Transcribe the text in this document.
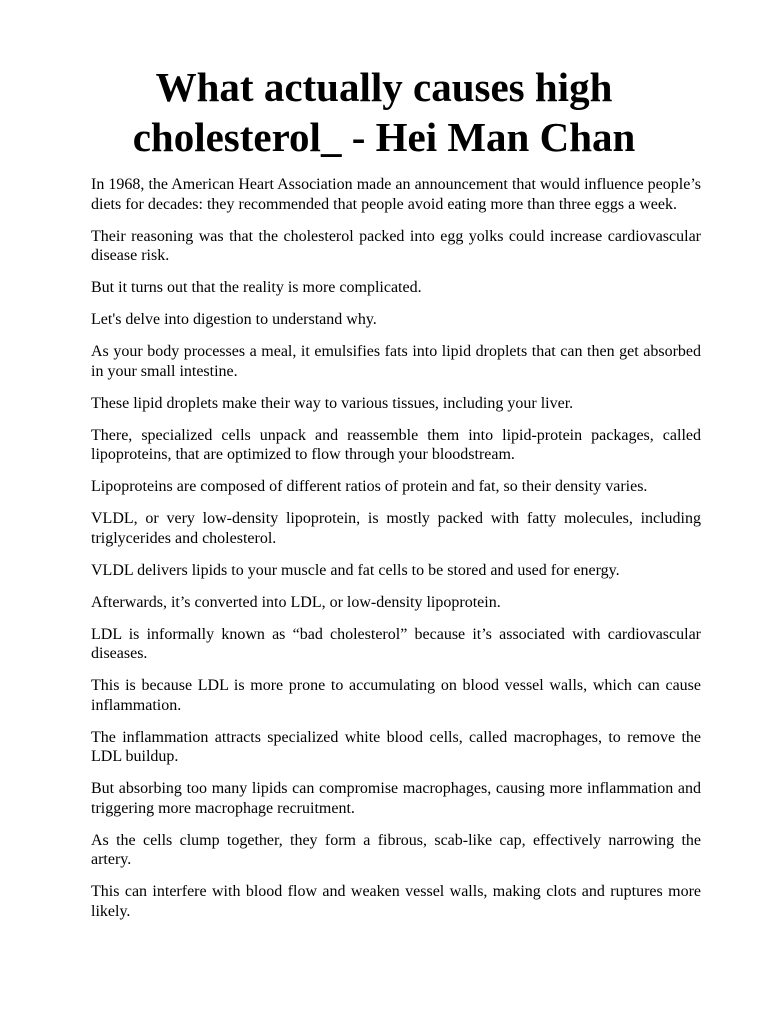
What actually causes high cholesterol_ - Hei Man Chan

In 1968, the American Heart Association made an announcement that would influence people’s diets for decades: they recommended that people avoid eating more than three eggs a week.

Their reasoning was that the cholesterol packed into egg yolks could increase cardiovascular disease risk.

But it turns out that the reality is more complicated.

Let's delve into digestion to understand why.

As your body processes a meal, it emulsifies fats into lipid droplets that can then get absorbed in your small intestine.

These lipid droplets make their way to various tissues, including your liver.

There, specialized cells unpack and reassemble them into lipid-protein packages, called lipoproteins, that are optimized to flow through your bloodstream.

Lipoproteins are composed of different ratios of protein and fat, so their density varies.

VLDL, or very low-density lipoprotein, is mostly packed with fatty molecules, including triglycerides and cholesterol.

VLDL delivers lipids to your muscle and fat cells to be stored and used for energy.

Afterwards, it’s converted into LDL, or low-density lipoprotein.

LDL is informally known as “bad cholesterol” because it’s associated with cardiovascular diseases.

This is because LDL is more prone to accumulating on blood vessel walls, which can cause inflammation.

The inflammation attracts specialized white blood cells, called macrophages, to remove the LDL buildup.

But absorbing too many lipids can compromise macrophages, causing more inflammation and triggering more macrophage recruitment.

As the cells clump together, they form a fibrous, scab-like cap, effectively narrowing the artery.

This can interfere with blood flow and weaken vessel walls, making clots and ruptures more likely.
